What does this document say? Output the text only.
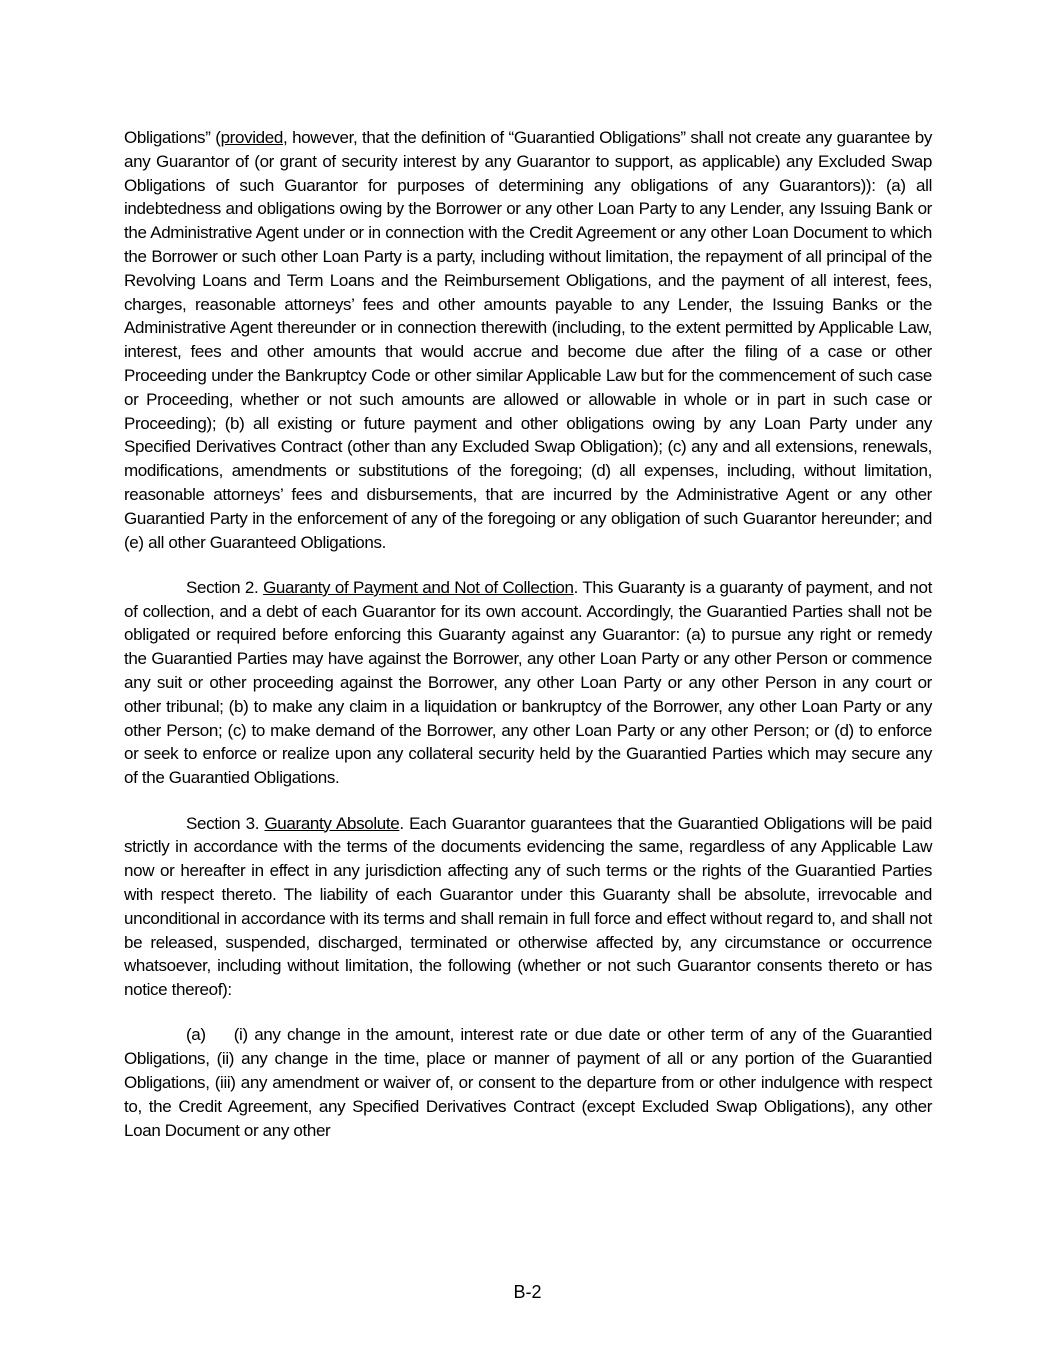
Obligations” (provided, however, that the definition of “Guarantied Obligations” shall not create any guarantee by any Guarantor of (or grant of security interest by any Guarantor to support, as applicable) any Excluded Swap Obligations of such Guarantor for purposes of determining any obligations of any Guarantors)): (a) all indebtedness and obligations owing by the Borrower or any other Loan Party to any Lender, any Issuing Bank or the Administrative Agent under or in connection with the Credit Agreement or any other Loan Document to which the Borrower or such other Loan Party is a party, including without limitation, the repayment of all principal of the Revolving Loans and Term Loans and the Reimbursement Obligations, and the payment of all interest, fees, charges, reasonable attorneys’ fees and other amounts payable to any Lender, the Issuing Banks or the Administrative Agent thereunder or in connection therewith (including, to the extent permitted by Applicable Law, interest, fees and other amounts that would accrue and become due after the filing of a case or other Proceeding under the Bankruptcy Code or other similar Applicable Law but for the commencement of such case or Proceeding, whether or not such amounts are allowed or allowable in whole or in part in such case or Proceeding); (b) all existing or future payment and other obligations owing by any Loan Party under any Specified Derivatives Contract (other than any Excluded Swap Obligation); (c) any and all extensions, renewals, modifications, amendments or substitutions of the foregoing; (d) all expenses, including, without limitation, reasonable attorneys’ fees and disbursements, that are incurred by the Administrative Agent or any other Guarantied Party in the enforcement of any of the foregoing or any obligation of such Guarantor hereunder; and (e) all other Guaranteed Obligations.

Section 2. Guaranty of Payment and Not of Collection. This Guaranty is a guaranty of payment, and not of collection, and a debt of each Guarantor for its own account. Accordingly, the Guarantied Parties shall not be obligated or required before enforcing this Guaranty against any Guarantor: (a) to pursue any right or remedy the Guarantied Parties may have against the Borrower, any other Loan Party or any other Person or commence any suit or other proceeding against the Borrower, any other Loan Party or any other Person in any court or other tribunal; (b) to make any claim in a liquidation or bankruptcy of the Borrower, any other Loan Party or any other Person; (c) to make demand of the Borrower, any other Loan Party or any other Person; or (d) to enforce or seek to enforce or realize upon any collateral security held by the Guarantied Parties which may secure any of the Guarantied Obligations.

Section 3. Guaranty Absolute. Each Guarantor guarantees that the Guarantied Obligations will be paid strictly in accordance with the terms of the documents evidencing the same, regardless of any Applicable Law now or hereafter in effect in any jurisdiction affecting any of such terms or the rights of the Guarantied Parties with respect thereto. The liability of each Guarantor under this Guaranty shall be absolute, irrevocable and unconditional in accordance with its terms and shall remain in full force and effect without regard to, and shall not be released, suspended, discharged, terminated or otherwise affected by, any circumstance or occurrence whatsoever, including without limitation, the following (whether or not such Guarantor consents thereto or has notice thereof):

(a) (i) any change in the amount, interest rate or due date or other term of any of the Guarantied Obligations, (ii) any change in the time, place or manner of payment of all or any portion of the Guarantied Obligations, (iii) any amendment or waiver of, or consent to the departure from or other indulgence with respect to, the Credit Agreement, any Specified Derivatives Contract (except Excluded Swap Obligations), any other Loan Document or any other

B-2
